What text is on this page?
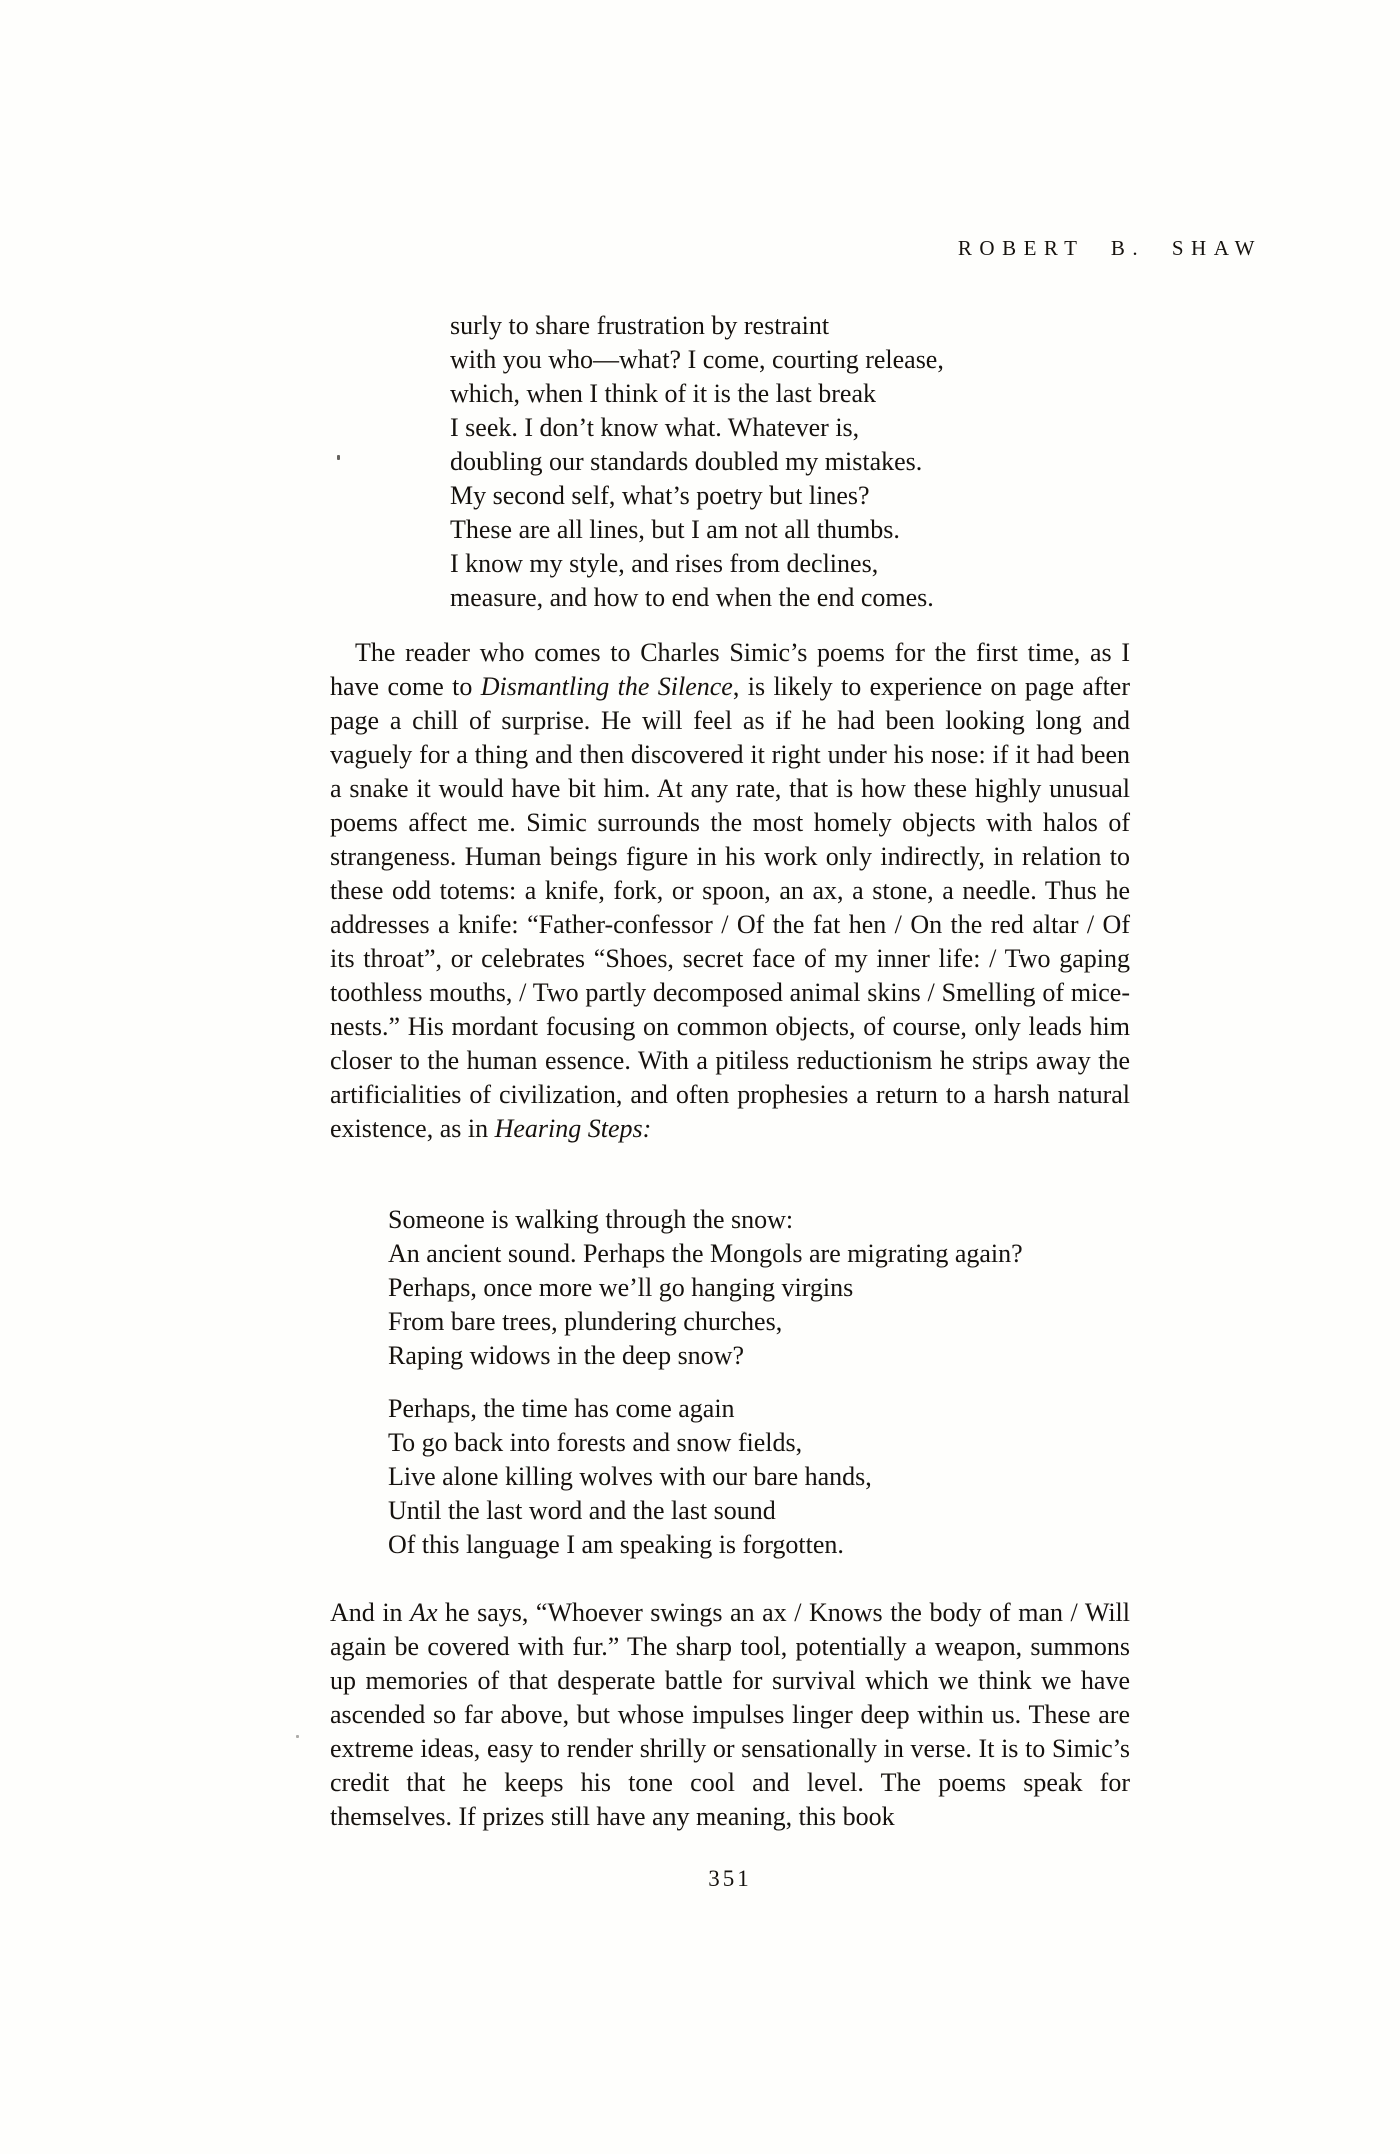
ROBERT B. SHAW
surly to share frustration by restraint
with you who—what? I come, courting release,
which, when I think of it is the last break
I seek. I don’t know what. Whatever is,
doubling our standards doubled my mistakes.
My second self, what’s poetry but lines?
These are all lines, but I am not all thumbs.
I know my style, and rises from declines,
measure, and how to end when the end comes.

The reader who comes to Charles Simic’s poems for the first time, as I have come to Dismantling the Silence, is likely to experience on page after page a chill of surprise. He will feel as if he had been looking long and vaguely for a thing and then discovered it right under his nose: if it had been a snake it would have bit him. At any rate, that is how these highly unusual poems affect me. Simic surrounds the most homely objects with halos of strangeness. Human beings figure in his work only indirectly, in relation to these odd totems: a knife, fork, or spoon, an ax, a stone, a needle. Thus he addresses a knife: “Father-confessor / Of the fat hen / On the red altar / Of its throat”, or celebrates “Shoes, secret face of my inner life: / Two gaping toothless mouths, / Two partly decomposed animal skins / Smelling of mice-nests.” His mordant focusing on common objects, of course, only leads him closer to the human essence. With a pitiless reductionism he strips away the artificialities of civilization, and often prophesies a return to a harsh natural existence, as in Hearing Steps:

Someone is walking through the snow:
An ancient sound. Perhaps the Mongols are migrating again?
Perhaps, once more we’ll go hanging virgins
From bare trees, plundering churches,
Raping widows in the deep snow?
Perhaps, the time has come again
To go back into forests and snow fields,
Live alone killing wolves with our bare hands,
Until the last word and the last sound
Of this language I am speaking is forgotten.

And in Ax he says, “Whoever swings an ax / Knows the body of man / Will again be covered with fur.” The sharp tool, potentially a weapon, summons up memories of that desperate battle for survival which we think we have ascended so far above, but whose impulses linger deep within us. These are extreme ideas, easy to render shrilly or sensationally in verse. It is to Simic’s credit that he keeps his tone cool and level. The poems speak for themselves. If prizes still have any meaning, this book

351
